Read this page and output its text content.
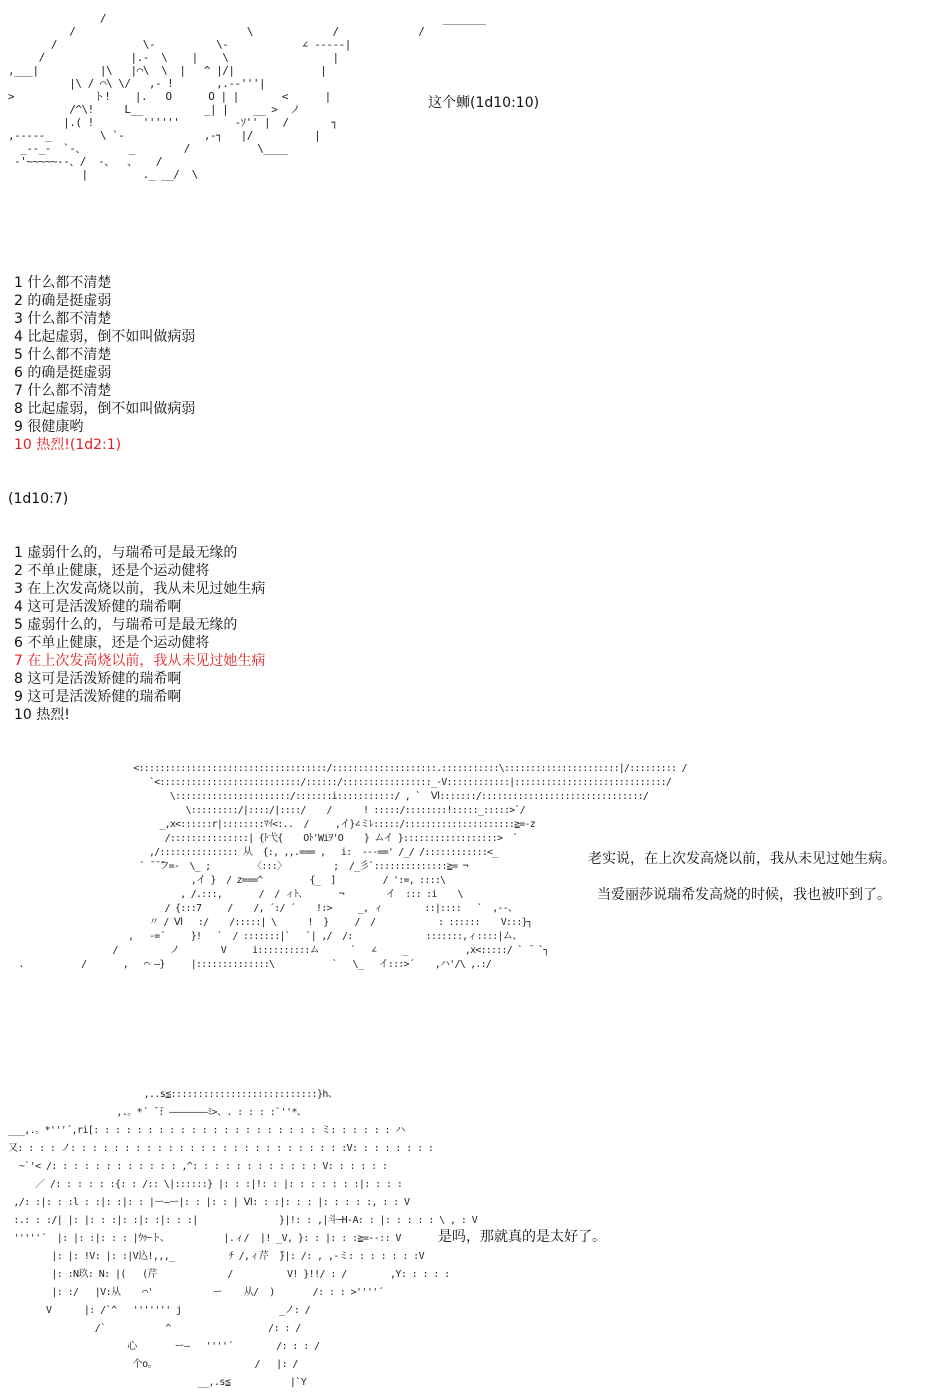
/                                                       _______
/                            \             /             /
/              \-          \-            ∠ -----|
/              |.-  \    |    \                 |
,___|          |\   |⌒\  \  |   ^ |/|              |
|\ / ⌒\ \/   ,- !       ,.-‐'''|
>             ト!    |.   O      O | |       <      |
/^\!     L__          _| |    __ >  ノ
|.( !        ''''''         -ｿ'' |  /       ┐
,-----_        \ `-             ,-┐   |/          |
_--_-  `-、       _        /           \____
-'~~~~~--、/  -、  、   /
|         ._ __/  \
这个蛳(1d10:10)
1 什么都不清楚
2 的确是挺虚弱
3 什么都不清楚
4 比起虚弱，倒不如叫做病弱
5 什么都不清楚
6 的确是挺虚弱
7 什么都不清楚
8 比起虚弱，倒不如叫做病弱
9 很健康哟
10 热烈!(1d2:1)
(1d10:7)
1 虚弱什么的，与瑞希可是最无缘的
2 不单止健康，还是个运动健将
3 在上次发高烧以前，我从未见过她生病
4 这可是活泼矫健的瑞希啊
5 虚弱什么的，与瑞希可是最无缘的
6 不单止健康，还是个运动健将
7 在上次发高烧以前，我从未见过她生病
8 这可是活泼矫健的瑞希啊
9 这可是活泼矫健的瑞希啊
10 热烈!
<::::::::::::::::::::::::::::::::::::/::::::::::::::::::::.:::::::::::\::::::::::::::::::::::|/::::::::: /
`<:::::::::::::::::::::::::::/::::::/:::::::::::::::::_-V::::::::::::|:::::::::::::::::::::::::::::/
\::::::::::::::::::::::/:::::::i:::::::::::/ , `  Ⅵ:::::::/:::::::::::::::::::::::::::::::/
\:::::::::/|::::/|::::/    /      ! :::::/::::::::!:::::_:::::>`/
_,x<::::::r|::::::::ﾏｲ<:..  /     ,イ}∠ミﾚ:::::/:::::::::::::::::::::≧=-z
/:::::::::::::::| {ﾄ弋{    Oﾄ'Wiｦ'O    } ムイ }::::::::::::::::::>  `
,/::::::::::::::: 从  {:, ,,.=== ,   i:  ---==' /_/ /::::::::::::<_
´ ̄ ̄ ̄フ=-  \_ ;        〈:::〉         ;  /_彡`::::::::::::::≧= ¬
,イ }  / z===^         {_  ]         / ':=, ::::\
, /.:::,       /  / ィﾄ、      ¬        イ  ::: :i    \
/ {:::7     /    /, ´:/ ´    !:>     _, ィ        ::|::::   `  ,--、
〃 / Ⅵ   :/    /:::::| \      !  }     /  /            : ::::::    V:::}┐
,   -=´     }!   `  / :::::::|`   `| ,/  /:              :::::::,ィ::::|ム、
/          ノ        V     i::::::::::ム      `   ∠     _           ,x<:::::/ ` ̄  `┐
.           /       ,   ⌒ ―}     |::::::::::::::\           `   \_   イ:::>´    ,ハ'/\ ,.:/
老实说，在上次发高烧以前，我从未见过她生病。
当爱丽莎说瑞希发高烧的时候，我也被吓到了。
,..s≦:::::::::::::::::::::::::::}h、
,.。*´ ̄ ̄: ―――――――ﾐ>、. : : : :`''*、
___,.。*'''´,ri[: : : : : : : : : : : : : : : : : : : : : ミ: : : : : : ハ
又: : : : ノ: : : : : : : : : : : : : : : : : : : : : : : : : :V: : : : : : : :
~`'< /: : : : : : : : : : : : ,^: : : : : : : : : : : : V: : : : : :
／ /: : : : : :{: : /:: \|::::::} |: : :|!: : |: : : : : : :|: : : :
,/: :|: : :l : :|: :|: : |ー―ー|: : |: : | Ⅵ: : :|: : : |: : : : :, : : V
:.: : :/| |: |: : :|: :|: :|: : :|               }|!: : ,|斗ｰH-A: : |: : : : : \ , : V
'''''´  |: |: :|: : : |ｳｩｰト、          |.ィ/  |! _V, }: : |: : :≧=-‐:: V
|: |: !V: |: :|V込!,,,_          ﾁ /,ィ芹  ̄}|: /: , ,-ミ: : : : : : :V
|: :N玖: N: |(   (芹             /          V! }!!/ : /        ,Y: : : : :
|: :/   |V:从    ⌒'           ー    从/  )       /: : : >''''´
V      |: /`^   ''''''' j                  _ノ: /
/`           ^                  /: : /
心       ー―   ''''´        /: : : /
个o。                  /   |: /
__,.s≦           |`Y
是吗，那就真的是太好了。
